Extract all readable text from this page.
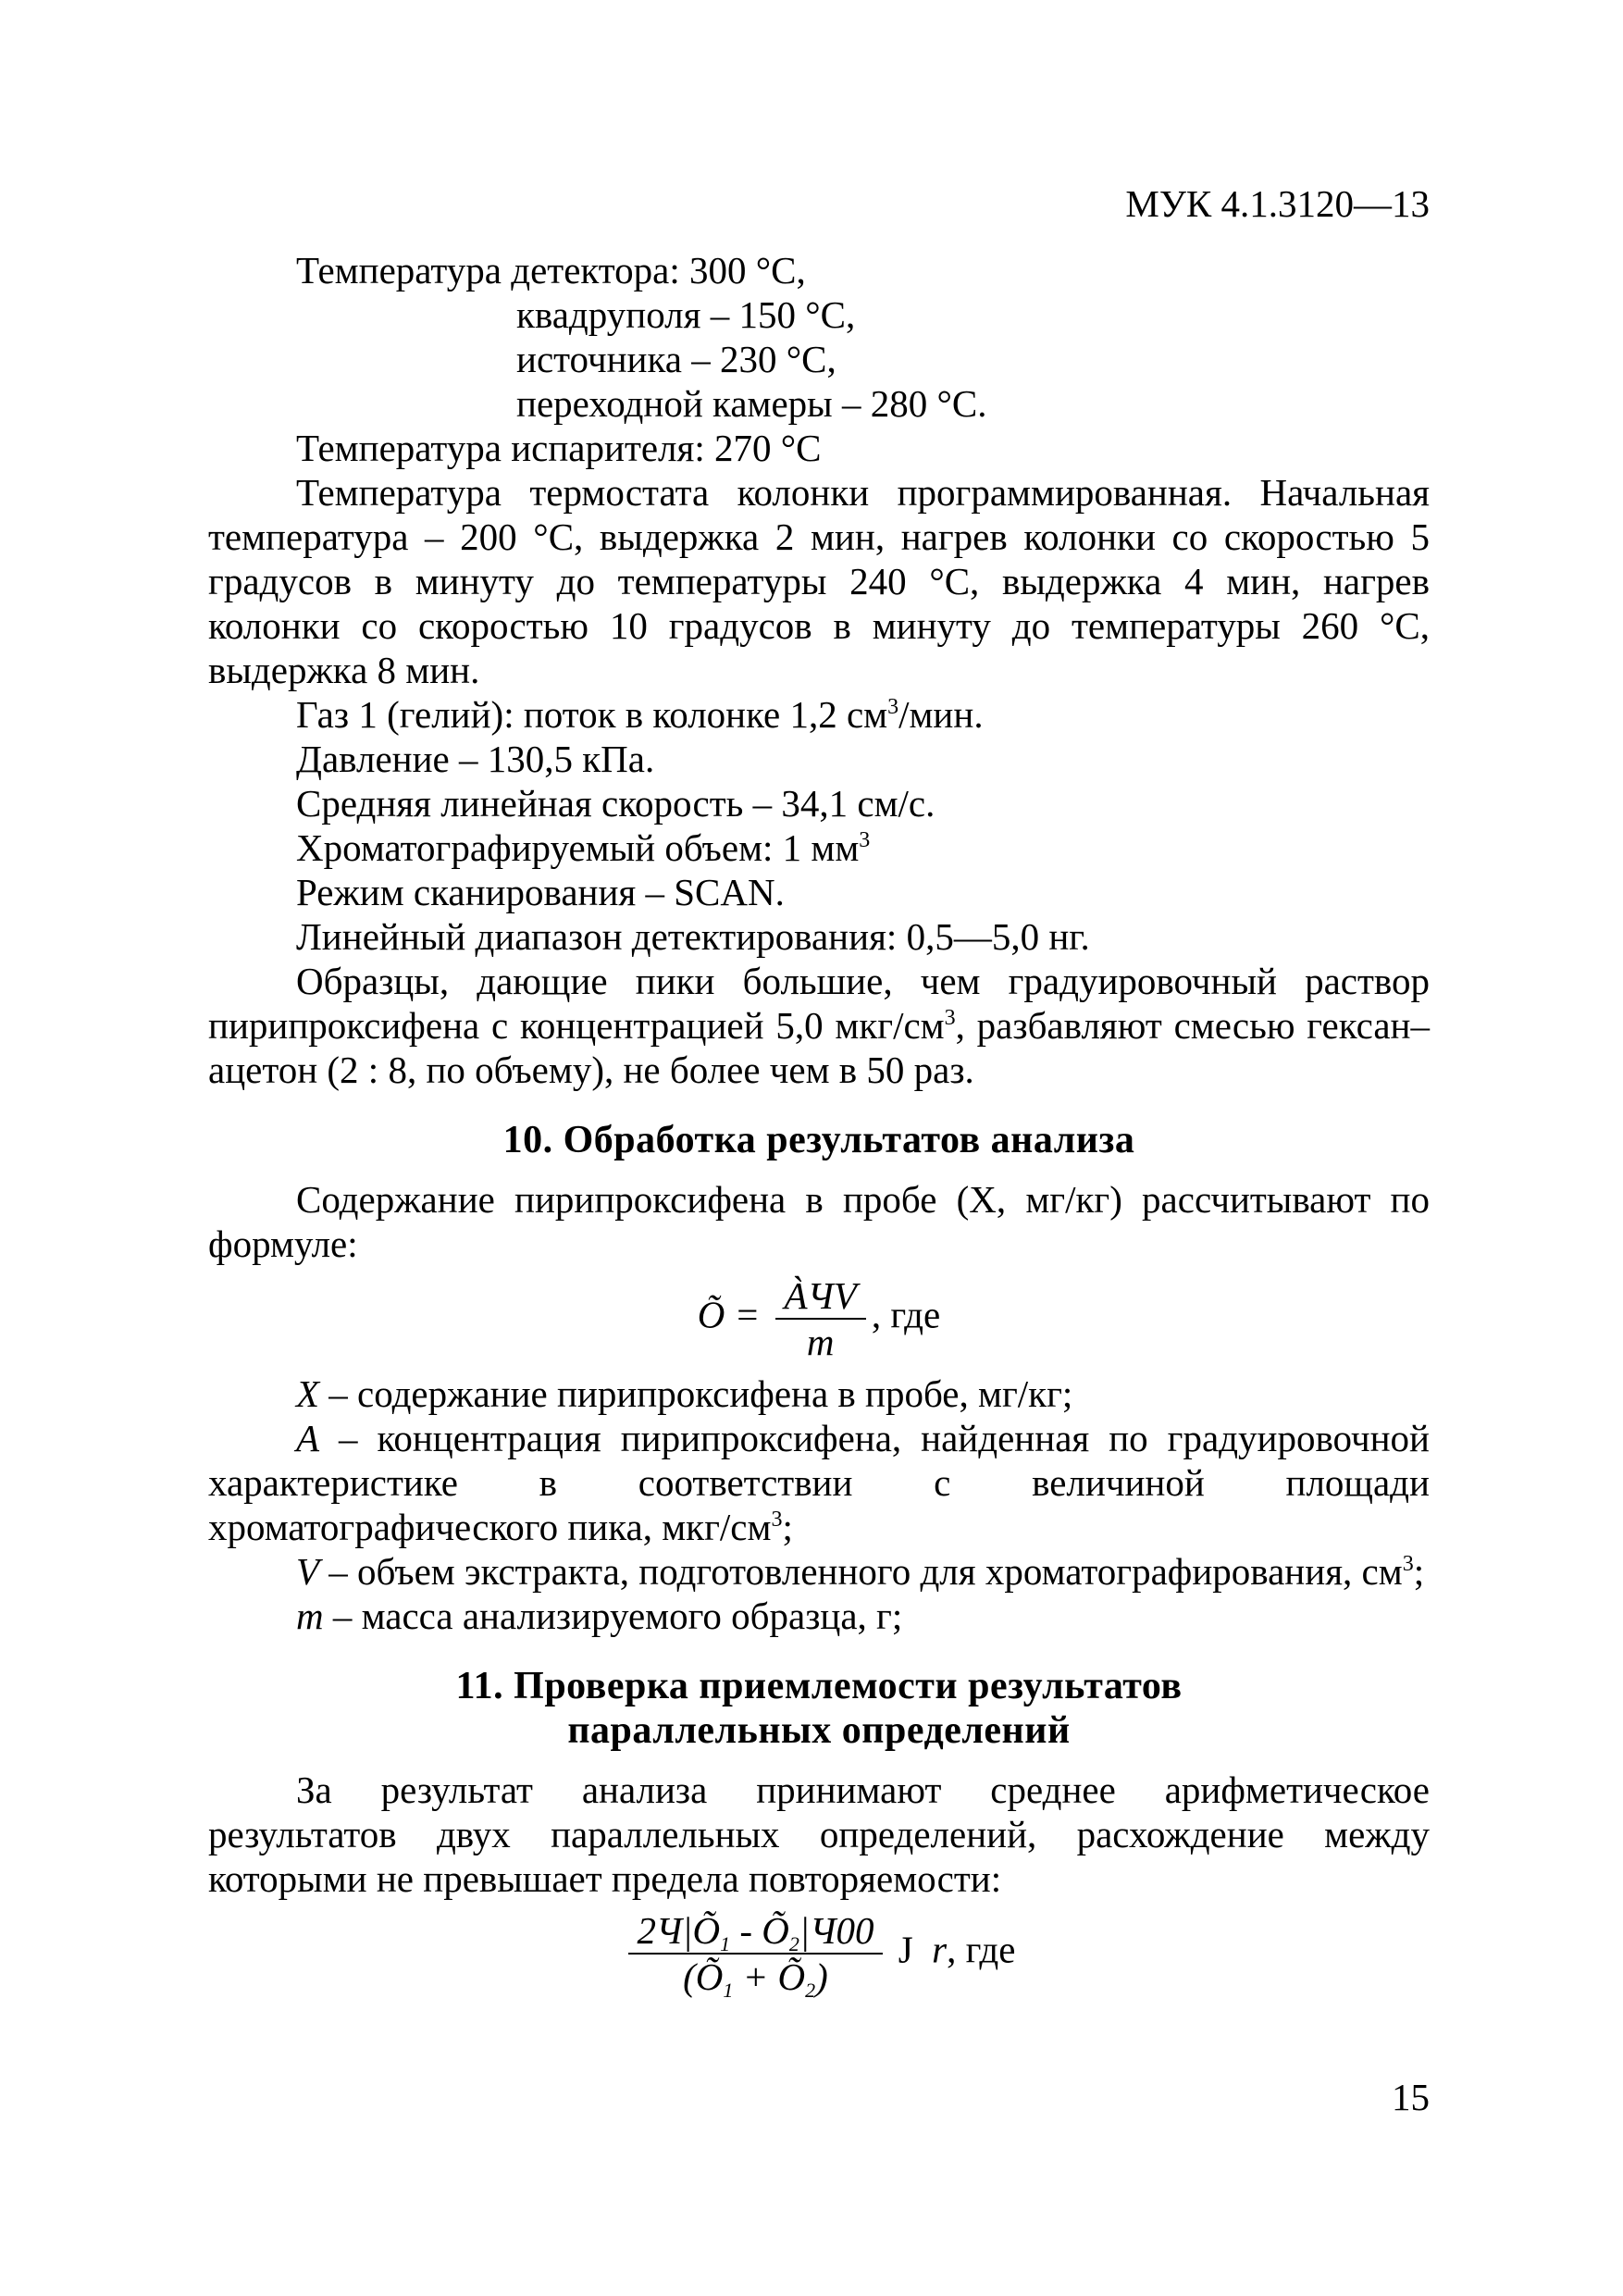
МУК 4.1.3120—13

Температура детектора: 300 °С,

квадруполя – 150 °С,

источника – 230 °С,

переходной камеры – 280 °С.

Температура испарителя: 270 °С

Температура термостата колонки программированная. Начальная температура – 200 °С, выдержка 2 мин, нагрев колонки со скоростью 5 градусов в минуту до температуры 240 °С, выдержка 4 мин, нагрев колонки со скоростью 10 градусов в минуту до температуры 260 °С, выдержка 8 мин.

Газ 1 (гелий): поток в колонке 1,2 $см^3$/мин.

Давление – 130,5 кПа.

Средняя линейная скорость – 34,1 см/с.

Хроматографируемый объем: 1 $мм^3$

Режим сканирования – SCAN.

Линейный диапазон детектирования: 0,5—5,0 нг.

Образцы, дающие пики большие, чем градуировочный раствор пирипроксифена с концентрацией 5,0 мкг/$см^3$, разбавляют смесью гексан–ацетон (2 : 8, по объему), не более чем в 50 раз.

10. Обработка результатов анализа

Содержание пирипроксифена в пробе (X, мг/кг) рассчитывают по формуле:

Õ = $\frac{\text{ÀЧV}}{m}$ , где

X – содержание пирипроксифена в пробе, мг/кг;

A – концентрация пирипроксифена, найденная по градуировочной характеристике в соответствии с величиной площади хроматографического пика, мкг/$см^3$;

V – объем экстракта, подготовленного для хроматографирования, $см^3$;

m – масса анализируемого образца, г;

11. Проверка приемлемости результатов
параллельных определений

За результат анализа принимают среднее арифметическое результатов двух параллельных определений, расхождение между которыми не превышает предела повторяемости:

$\frac{2Ч|Õ_1 - Õ_2|Ч00}{(Õ_1 + Õ_2)}$ J r, где
15
